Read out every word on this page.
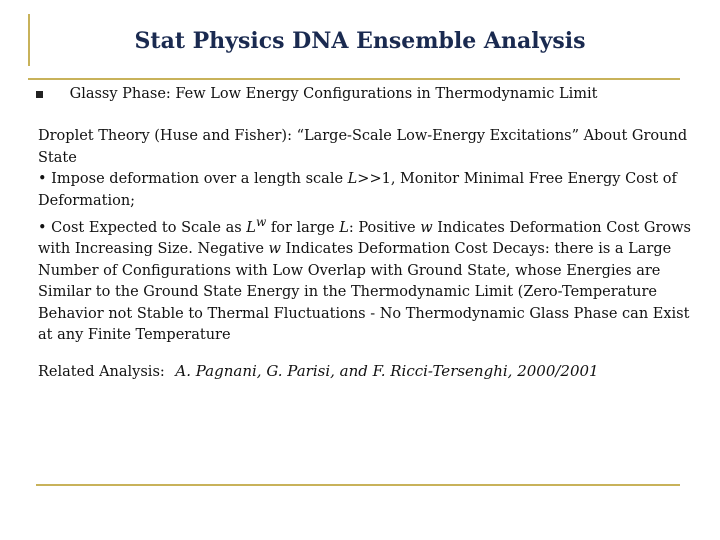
Stat Physics DNA Ensemble Analysis
Glassy Phase: Few Low Energy Configurations in Thermodynamic Limit

Droplet Theory (Huse and Fisher): “Large-Scale Low-Energy Excitations” About Ground State

• Impose deformation over a length scale L>>1, Monitor Minimal Free Energy Cost of Deformation;

• Cost Expected to Scale as $L^w$ for large L: Positive w Indicates Deformation Cost Grows with Increasing Size. Negative w Indicates Deformation Cost Decays: there is a Large Number of Configurations with Low Overlap with Ground State, whose Energies are Similar to the Ground State Energy in the Thermodynamic Limit (Zero-Temperature Behavior not Stable to Thermal Fluctuations - No Thermodynamic Glass Phase can Exist at any Finite Temperature

Related Analysis: A. Pagnani, G. Parisi, and F. Ricci-Tersenghi, 2000/2001
